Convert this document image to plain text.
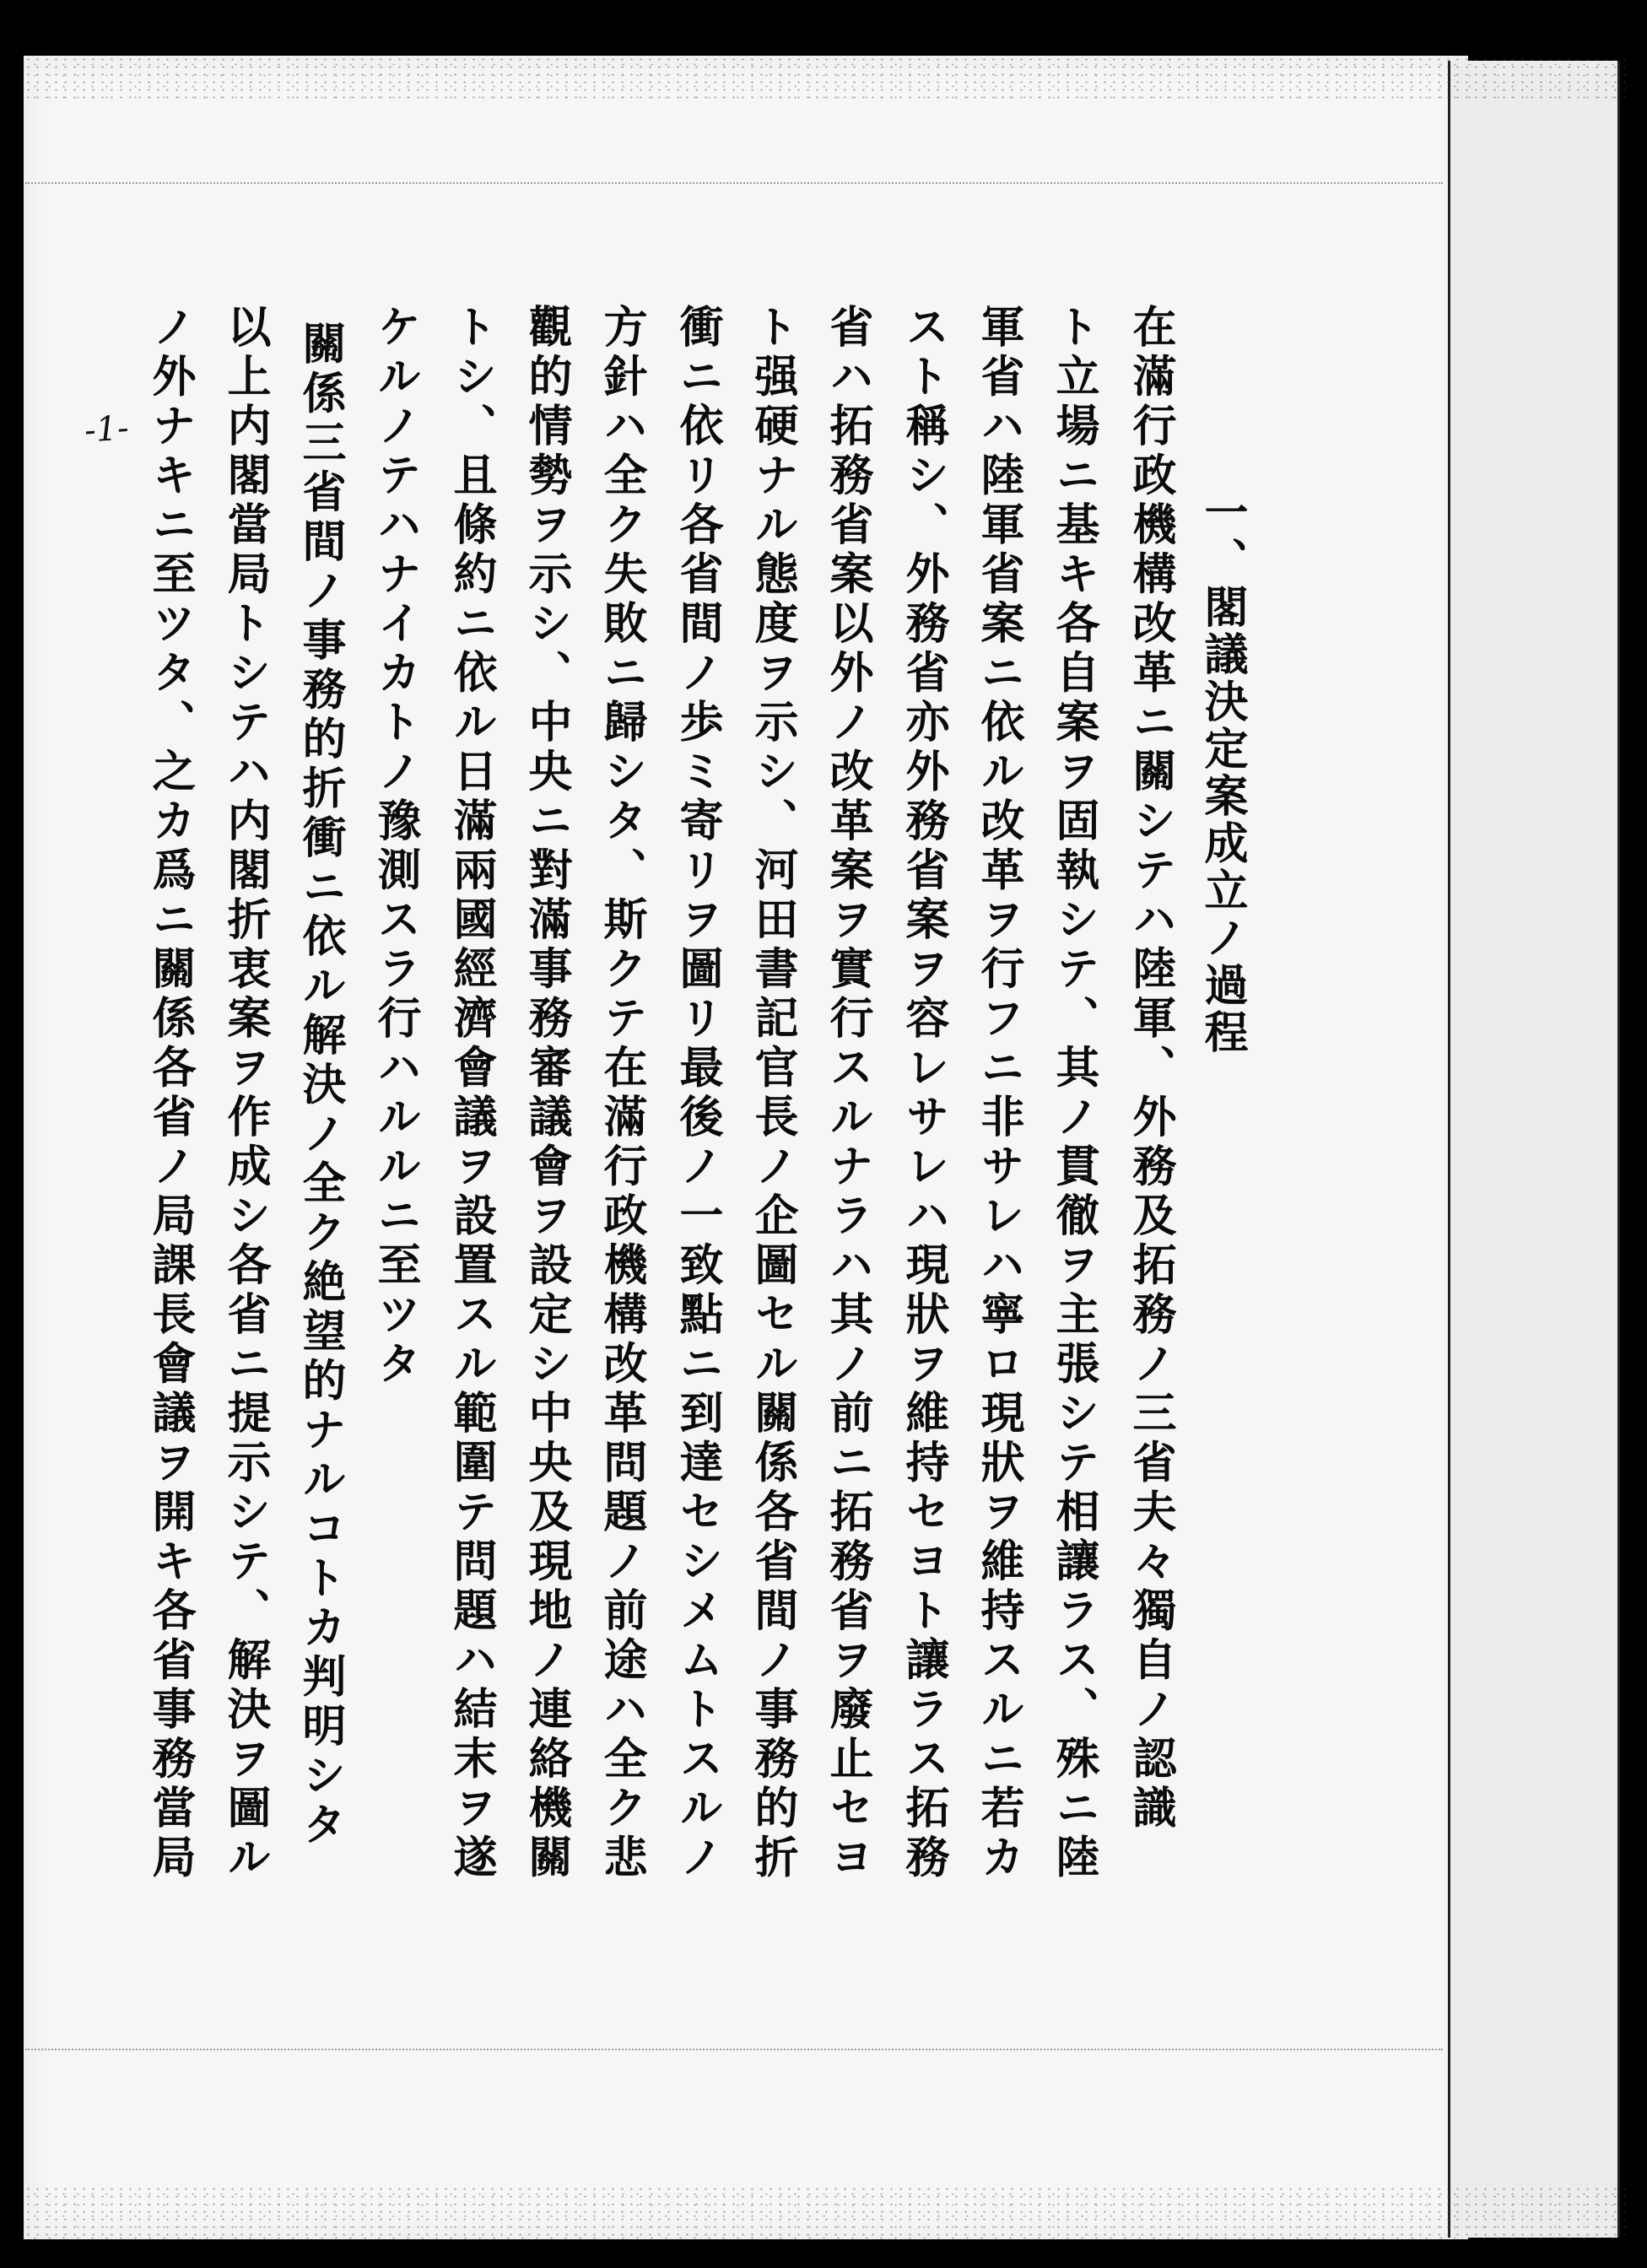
-1-
一、閣議決定案成立ノ過程
在滿行政機構改革ニ關シテハ陸軍、外務及拓務ノ三省夫々獨自ノ認識
ト立場ニ基キ各自案ヲ固執シテ、其ノ貫徹ヲ主張シテ相讓ラス、殊ニ陸
軍省ハ陸軍省案ニ依ル改革ヲ行フニ非サレハ寧ロ現狀ヲ維持スルニ若カ
スト稱シ、外務省亦外務省案ヲ容レサレハ現狀ヲ維持セヨト讓ラス拓務
省ハ拓務省案以外ノ改革案ヲ實行スルナラハ其ノ前ニ拓務省ヲ廢止セヨ
ト强硬ナル態度ヲ示シ、河田書記官長ノ企圖セル關係各省間ノ事務的折
衝ニ依リ各省間ノ歩ミ寄リヲ圖リ最後ノ一致點ニ到達セシメムトスルノ
方針ハ全ク失敗ニ歸シタ、斯クテ在滿行政機構改革問題ノ前途ハ全ク悲
觀的情勢ヲ示シ、中央ニ對滿事務審議會ヲ設定シ中央及現地ノ連絡機關
トシ、且條約ニ依ル日滿兩國經濟會議ヲ設置スル範圍テ問題ハ結末ヲ遂
ケルノテハナイカトノ豫測スラ行ハルルニ至ツタ
關係三省間ノ事務的折衝ニ依ル解決ノ全ク絶望的ナルコトカ判明シタ
以上内閣當局トシテハ内閣折衷案ヲ作成シ各省ニ提示シテ、解決ヲ圖ル
ノ外ナキニ至ツタ、之カ爲ニ關係各省ノ局課長會議ヲ開キ各省事務當局
